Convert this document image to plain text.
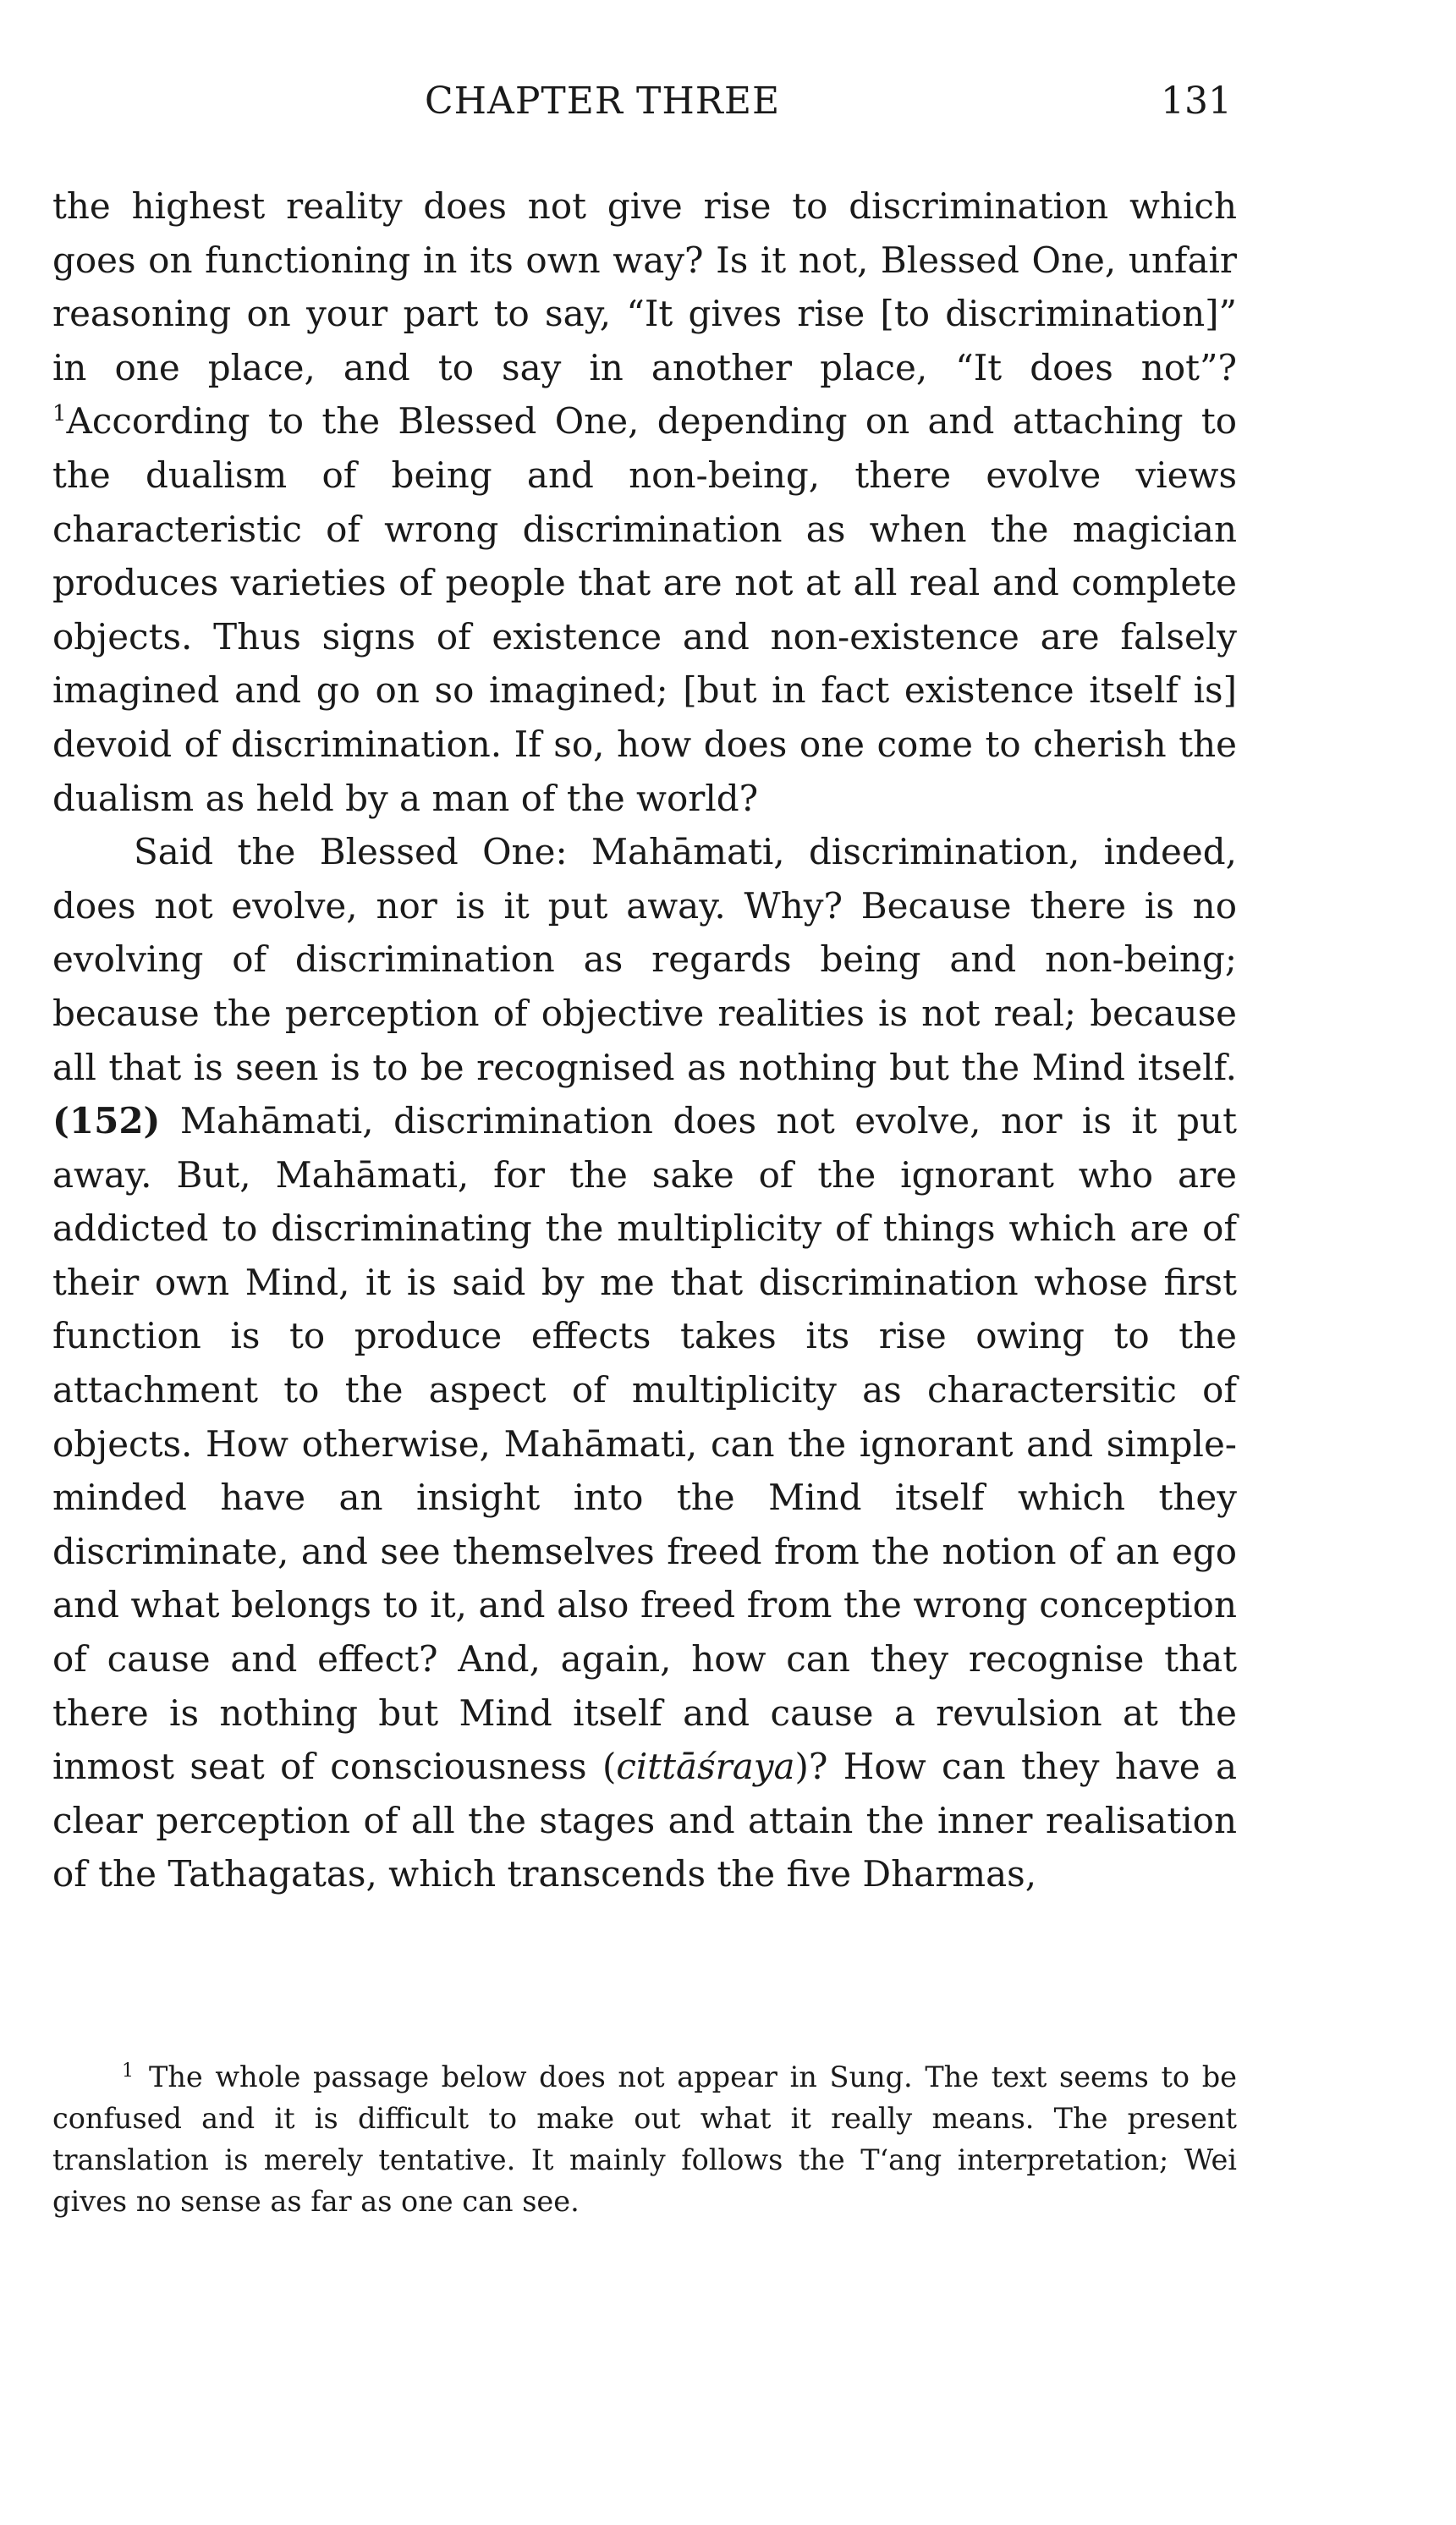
CHAPTER THREE	131

the highest reality does not give rise to discrimination which goes on functioning in its own way? Is it not, Blessed One, unfair reasoning on your part to say, “It gives rise [to discrimination]” in one place, and to say in another place, “It does not”? $^1$According to the Blessed One, depending on and attaching to the dualism of being and non-being, there evolve views characteristic of wrong discrimination as when the magician produces varieties of people that are not at all real and complete objects. Thus signs of existence and non-existence are falsely imagined and go on so imagined; [but in fact existence itself is] devoid of discrimination. If so, how does one come to cherish the dualism as held by a man of the world?

Said the Blessed One: Mahāmati, discrimination, indeed, does not evolve, nor is it put away. Why? Because there is no evolving of discrimination as regards being and non-being; because the perception of objective realities is not real; because all that is seen is to be recognised as nothing but the Mind itself. (152) Mahāmati, discrimination does not evolve, nor is it put away. But, Mahāmati, for the sake of the ignorant who are addicted to discriminating the multiplicity of things which are of their own Mind, it is said by me that discrimination whose first function is to produce effects takes its rise owing to the attachment to the aspect of multiplicity as charactersitic of objects. How otherwise, Mahāmati, can the ignorant and simple-minded have an insight into the Mind itself which they discriminate, and see themselves freed from the notion of an ego and what belongs to it, and also freed from the wrong conception of cause and effect? And, again, how can they recognise that there is nothing but Mind itself and cause a revulsion at the inmost seat of consciousness (cittāśraya)? How can they have a clear perception of all the stages and attain the inner realisation of the Tathagatas, which transcends the five Dharmas,

$^1$ The whole passage below does not appear in Sung. The text seems to be confused and it is difficult to make out what it really means. The present translation is merely tentative. It mainly follows the T‘ang interpretation; Wei gives no sense as far as one can see.
